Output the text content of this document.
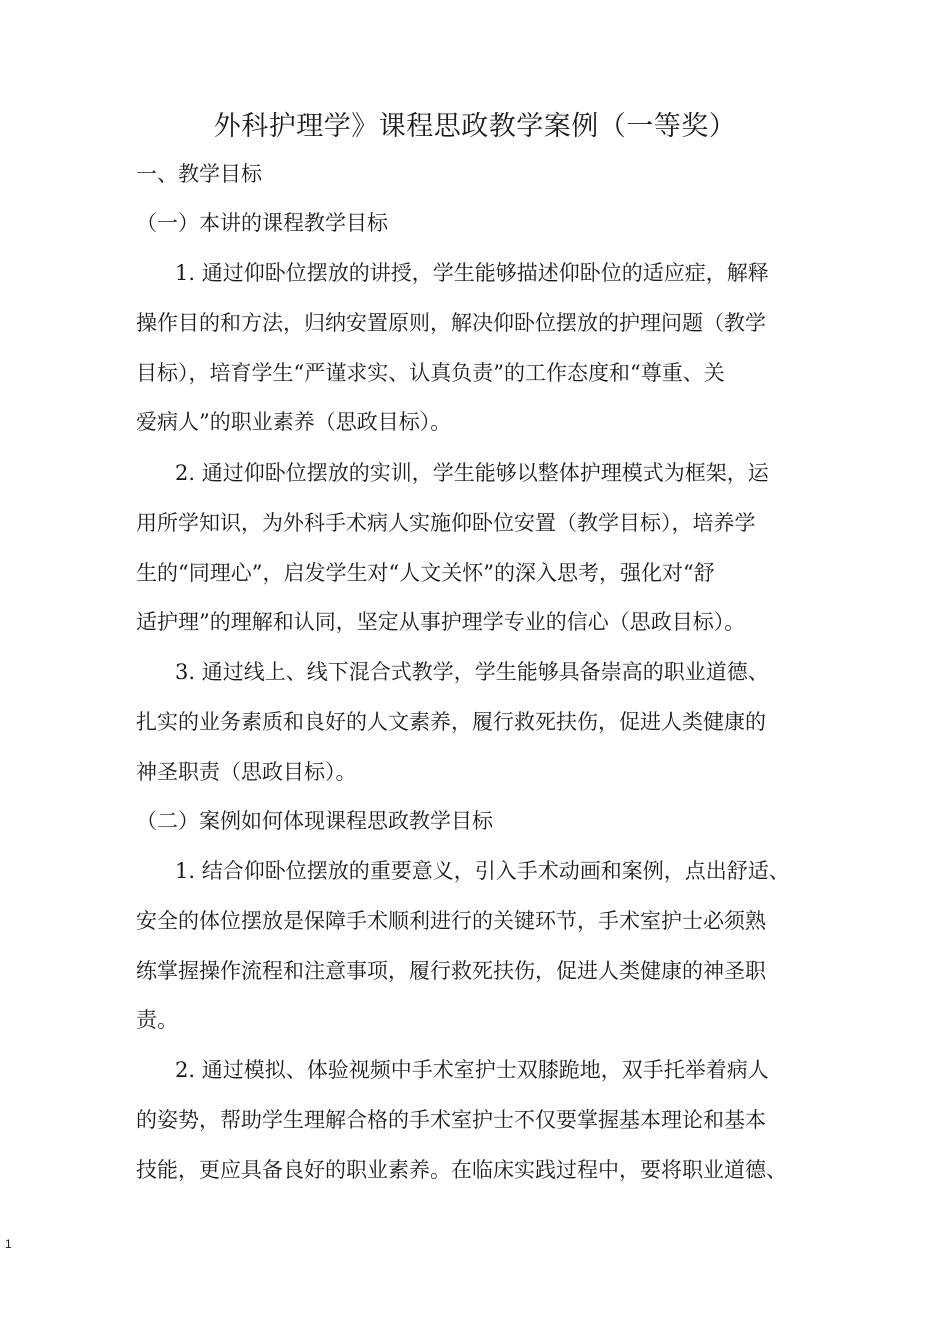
外科护理学》课程思政教学案例（一等奖）
一、教学目标
（一）本讲的课程教学目标
1. 通过仰卧位摆放的讲授，学生能够描述仰卧位的适应症，解释
操作目的和方法，归纳安置原则，解决仰卧位摆放的护理问题（教学
目标），培育学生“严谨求实、认真负责”的工作态度和“尊重、关
爱病人”的职业素养（思政目标）。
2. 通过仰卧位摆放的实训，学生能够以整体护理模式为框架，运
用所学知识，为外科手术病人实施仰卧位安置（教学目标），培养学
生的“同理心”，启发学生对“人文关怀”的深入思考，强化对“舒
适护理”的理解和认同，坚定从事护理学专业的信心（思政目标）。
3. 通过线上、线下混合式教学，学生能够具备崇高的职业道德、
扎实的业务素质和良好的人文素养，履行救死扶伤，促进人类健康的
神圣职责（思政目标）。
（二）案例如何体现课程思政教学目标
1. 结合仰卧位摆放的重要意义，引入手术动画和案例，点出舒适、
安全的体位摆放是保障手术顺利进行的关键环节，手术室护士必须熟
练掌握操作流程和注意事项，履行救死扶伤，促进人类健康的神圣职
责。
2. 通过模拟、体验视频中手术室护士双膝跪地，双手托举着病人
的姿势，帮助学生理解合格的手术室护士不仅要掌握基本理论和基本
技能，更应具备良好的职业素养。在临床实践过程中，要将职业道德、
1
